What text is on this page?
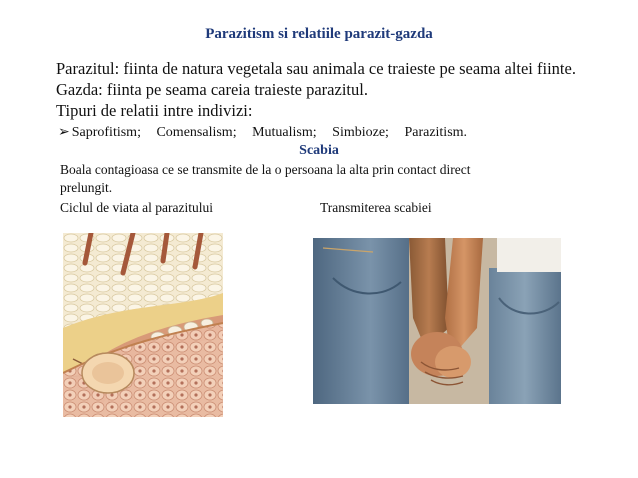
Parazitism si relatiile parazit-gazda
Parazitul: fiinta de natura vegetala sau animala ce traieste pe seama altei fiinte.
Gazda: fiinta pe seama careia traieste parazitul.
Tipuri de relatii intre indivizi:
➢ Saprofitism; Comensalism; Mutualism; Simbioze; Parazitism.
Scabia
Boala contagioasa ce se transmite de la o persoana la alta prin contact direct
prelungit.
Ciclul de viata al parazitului	Transmiterea scabiei
